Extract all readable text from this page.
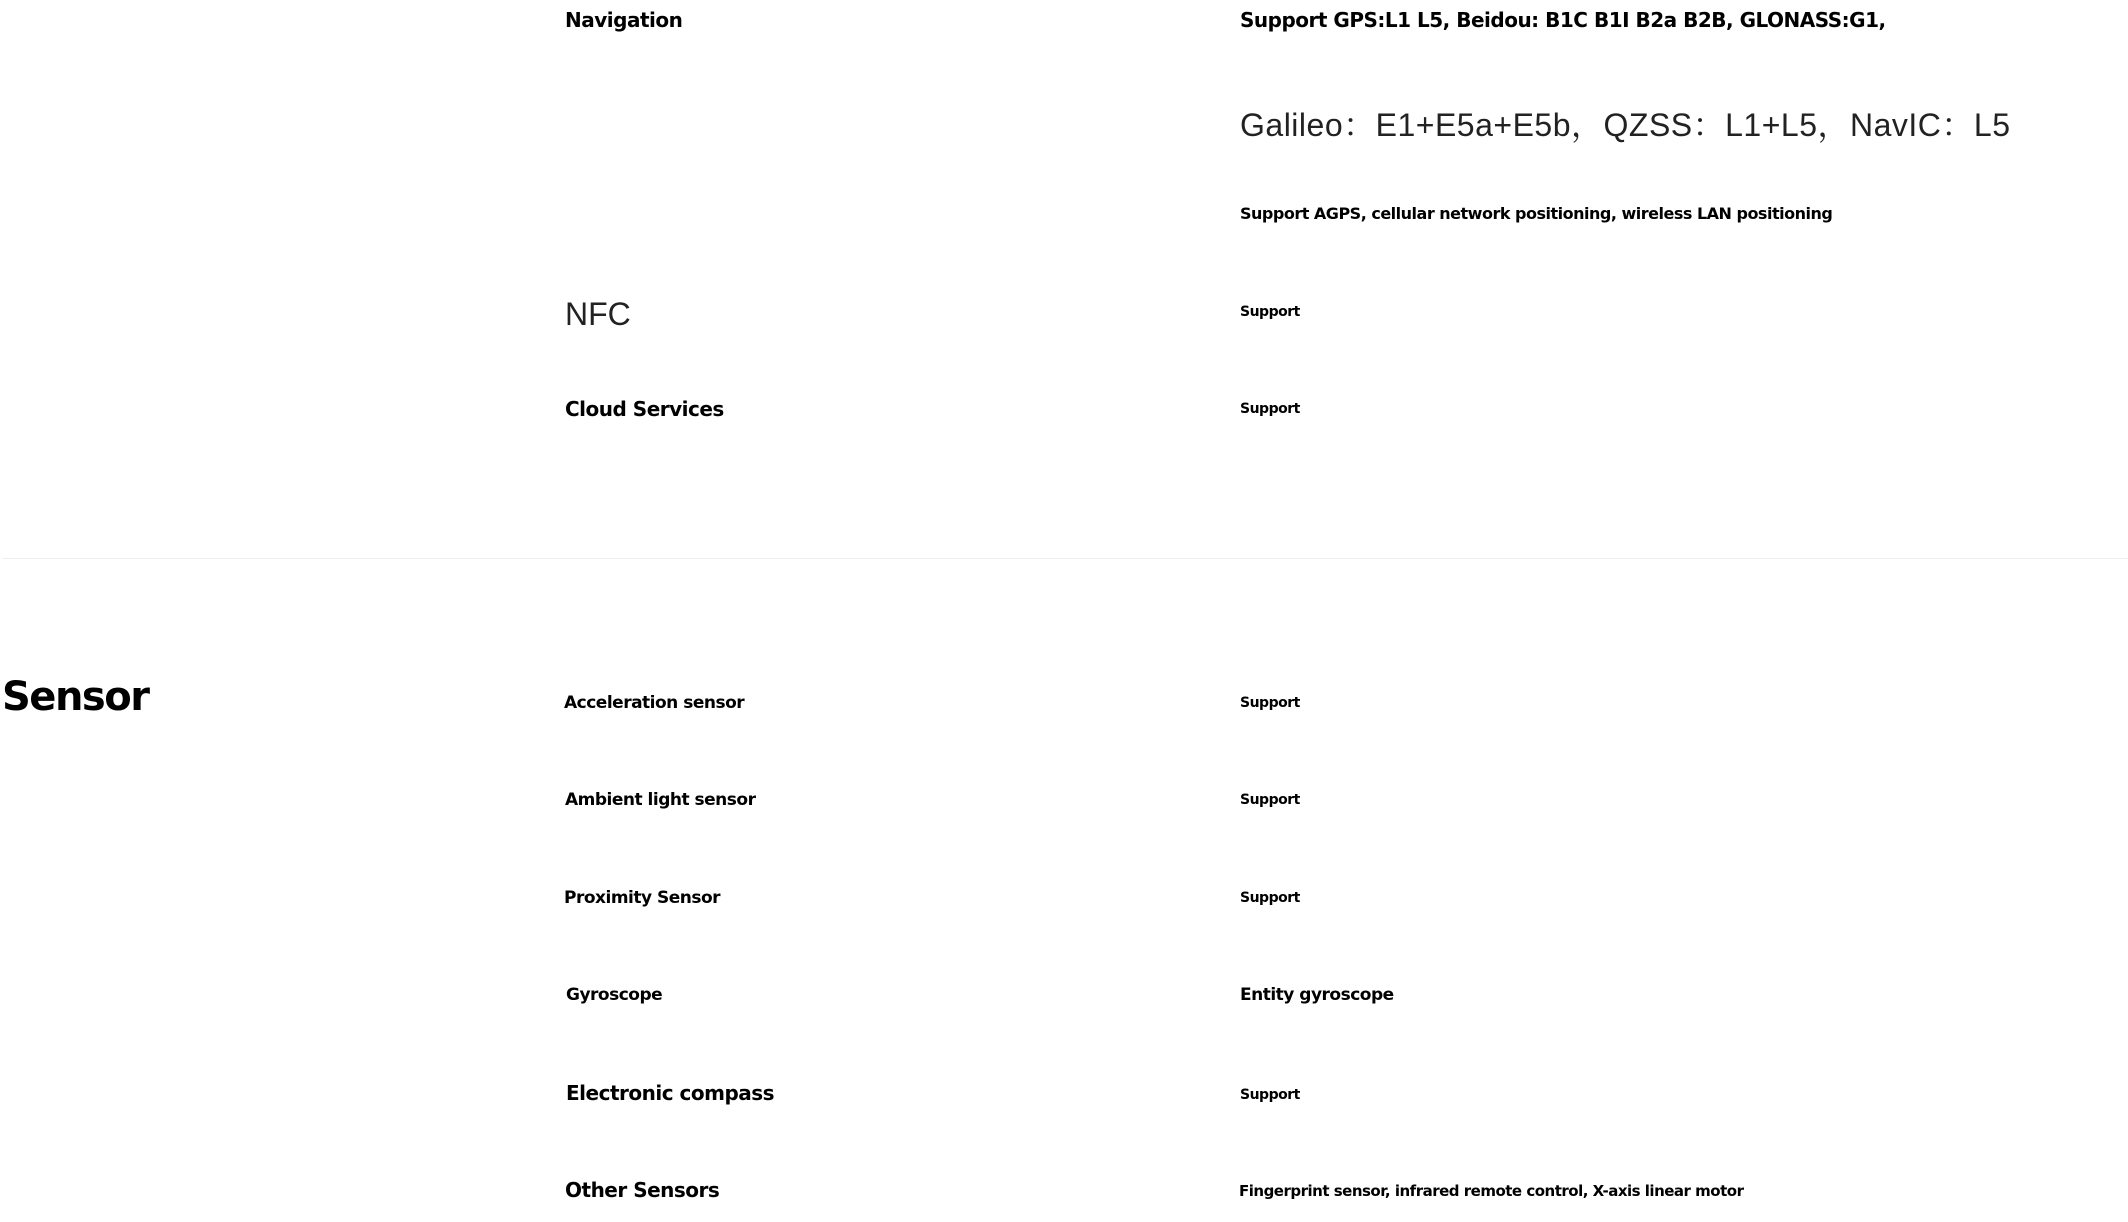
Navigation	Support GPS:L1 L5, Beidou: B1C B1I B2a B2B, GLONASS:G1,
Galileo：E1+E5a+E5b，QZSS：L1+L5，NavIC：L5
Support AGPS, cellular network positioning, wireless LAN positioning
NFC	Support
Cloud Services	Support
Sensor	Acceleration sensor	Support
Ambient light sensor	Support
Proximity Sensor	Support
Gyroscope	Entity gyroscope
Electronic compass	Support
Other Sensors	Fingerprint sensor, infrared remote control, X-axis linear motor
